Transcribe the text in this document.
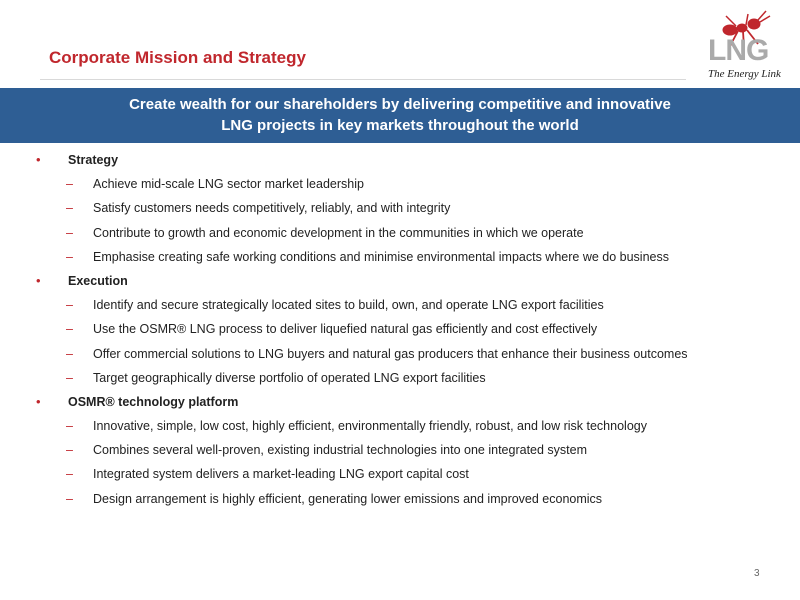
Corporate Mission and Strategy	LNG
The Energy Link
Create wealth for our shareholders by delivering competitive and innovative
LNG projects in key markets throughout the world
• Strategy
– Achieve mid-scale LNG sector market leadership
– Satisfy customers needs competitively, reliably, and with integrity
– Contribute to growth and economic development in the communities in which we operate
– Emphasise creating safe working conditions and minimise environmental impacts where we do business
• Execution
– Identify and secure strategically located sites to build, own, and operate LNG export facilities
– Use the OSMR® LNG process to deliver liquefied natural gas efficiently and cost effectively
– Offer commercial solutions to LNG buyers and natural gas producers that enhance their business outcomes
– Target geographically diverse portfolio of operated LNG export facilities
• OSMR® technology platform
– Innovative, simple, low cost, highly efficient, environmentally friendly, robust, and low risk technology
– Combines several well-proven, existing industrial technologies into one integrated system
– Integrated system delivers a market-leading LNG export capital cost
– Design arrangement is highly efficient, generating lower emissions and improved economics
3
